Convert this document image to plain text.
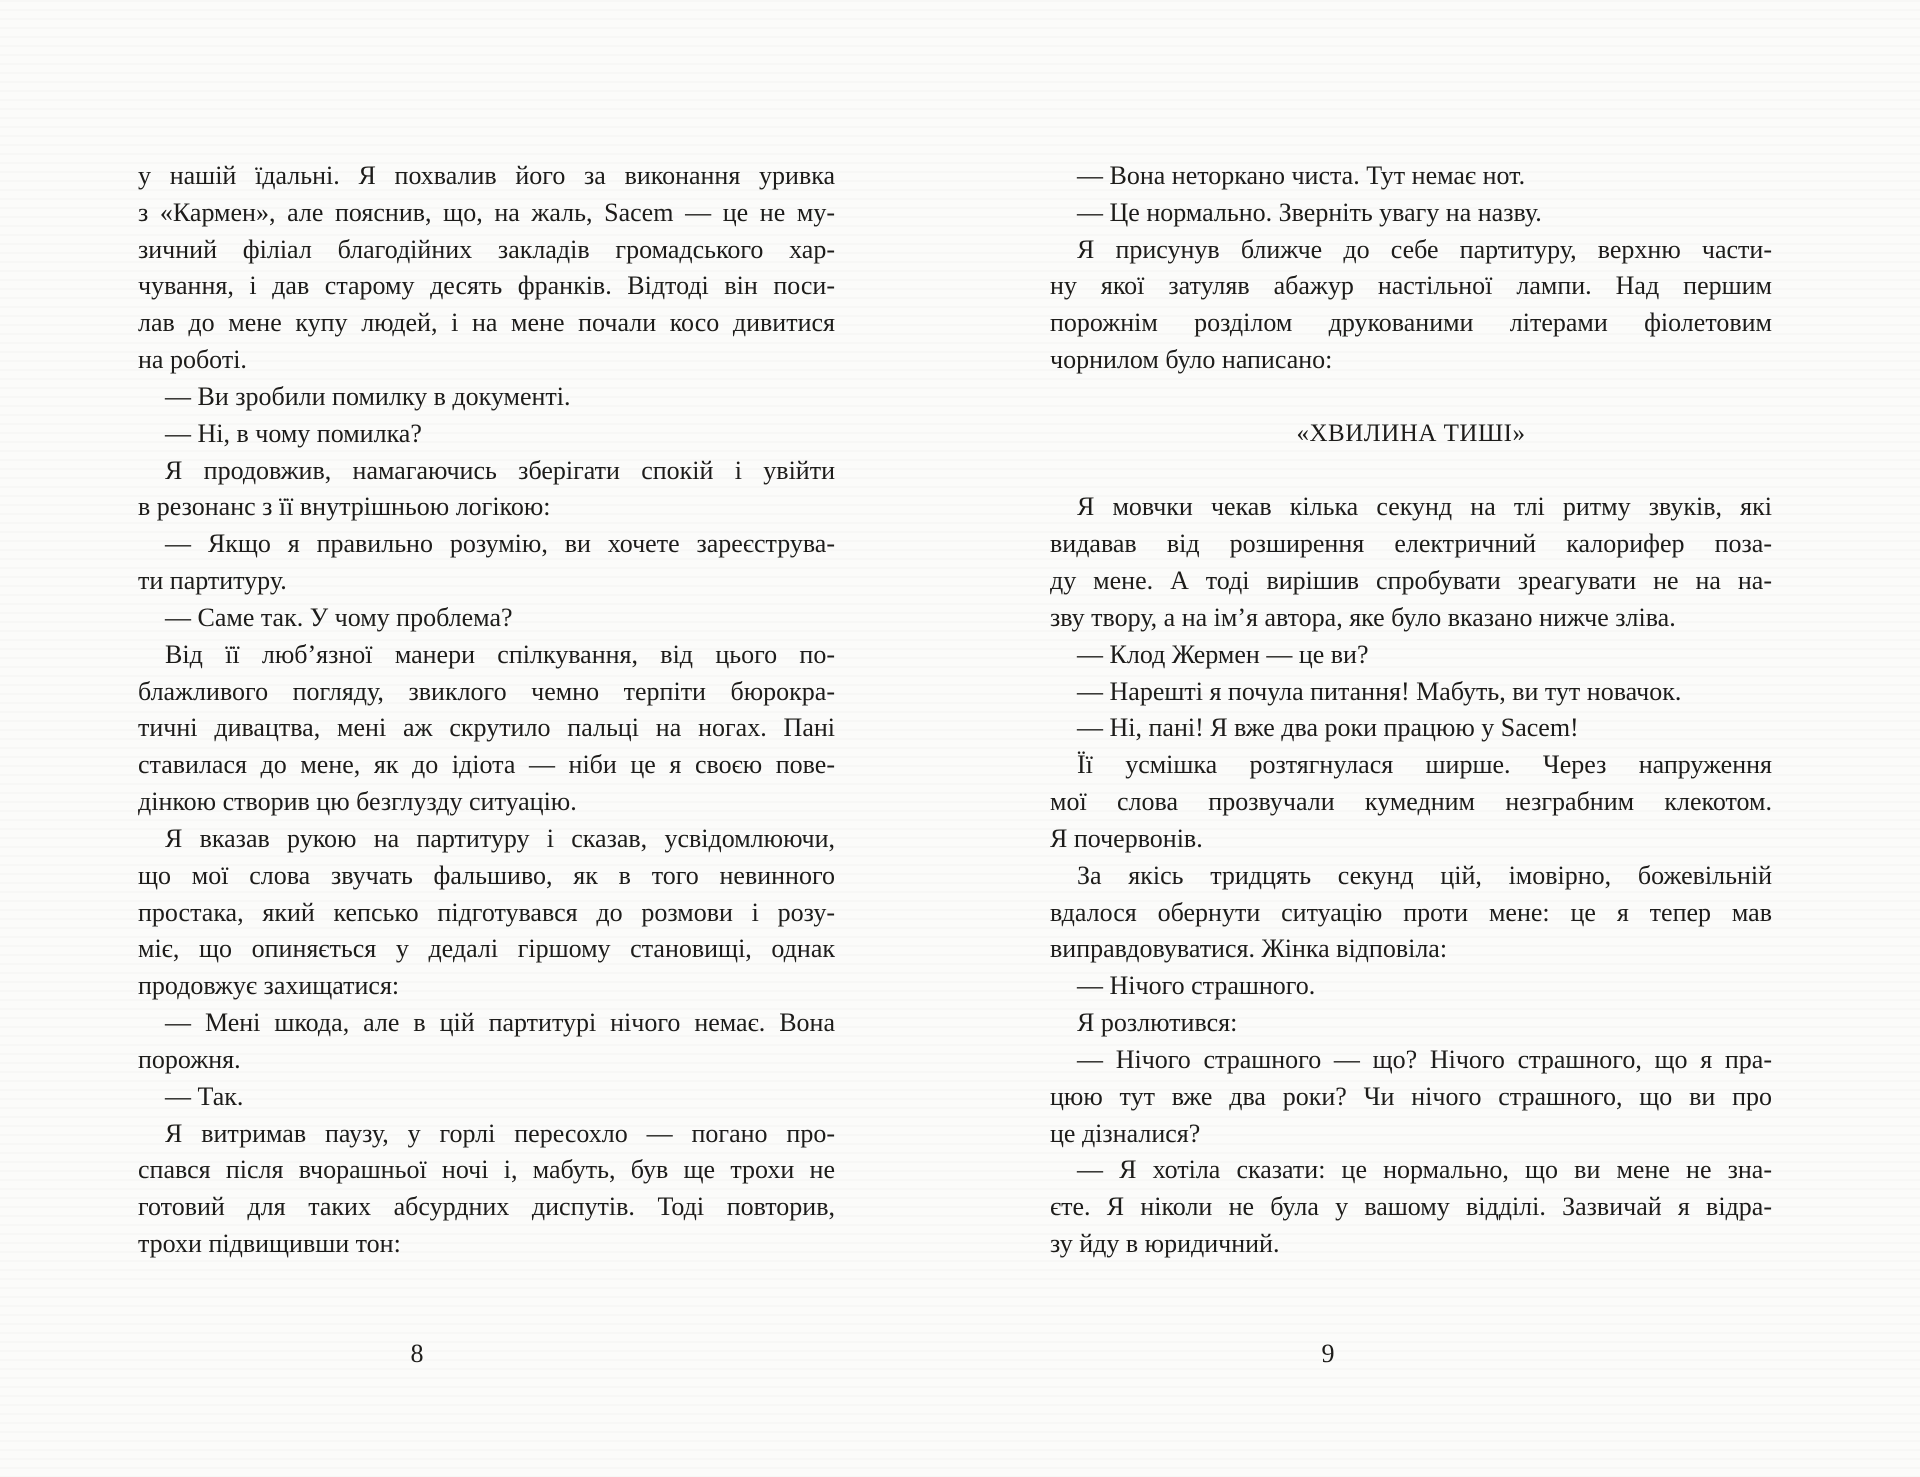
у нашій їдальні. Я похвалив його за виконання уривка
з «Кармен», але пояснив, що, на жаль, Sacem — це не му-
зичний філіал благодійних закладів громадського хар-
чування, і дав старому десять франків. Відтоді він поси-
лав до мене купу людей, і на мене почали косо дивитися
на роботі.
— Ви зробили помилку в документі.
— Ні, в чому помилка?
Я продовжив, намагаючись зберігати спокій і увійти
в резонанс з її внутрішньою логікою:
— Якщо я правильно розумію, ви хочете зареєструва-
ти партитуру.
— Саме так. У чому проблема?
Від її люб’язної манери спілкування, від цього по-
блажливого погляду, звиклого чемно терпіти бюрокра-
тичні дивацтва, мені аж скрутило пальці на ногах. Пані
ставилася до мене, як до ідіота — ніби це я своєю пове-
дінкою створив цю безглузду ситуацію.
Я вказав рукою на партитуру і сказав, усвідомлюючи,
що мої слова звучать фальшиво, як в того невинного
простака, який кепсько підготувався до розмови і розу-
міє, що опиняється у дедалі гіршому становищі, однак
продовжує захищатися:
— Мені шкода, але в цій партитурі нічого немає. Вона
порожня.
— Так.
Я витримав паузу, у горлі пересохло — погано про-
спався після вчорашньої ночі і, мабуть, був ще трохи не
готовий для таких абсурдних диспутів. Тоді повторив,
трохи підвищивши тон:
— Вона неторкано чиста. Тут немає нот.
— Це нормально. Зверніть увагу на назву.
Я присунув ближче до себе партитуру, верхню части-
ну якої затуляв абажур настільної лампи. Над першим
порожнім розділом друкованими літерами фіолетовим
чорнилом було написано:

«ХВИЛИНА ТИШІ»

Я мовчки чекав кілька секунд на тлі ритму звуків, які
видавав від розширення електричний калорифер поза-
ду мене. А тоді вирішив спробувати зреагувати не на на-
зву твору, а на ім’я автора, яке було вказано нижче зліва.
— Клод Жермен — це ви?
— Нарешті я почула питання! Мабуть, ви тут новачок.
— Ні, пані! Я вже два роки працюю у Sacem!
Її усмішка розтягнулася ширше. Через напруження
мої слова прозвучали кумедним незграбним клекотом.
Я почервонів.
За якісь тридцять секунд цій, імовірно, божевільній
вдалося обернути ситуацію проти мене: це я тепер мав
виправдовуватися. Жінка відповіла:
— Нічого страшного.
Я розлютився:
— Нічого страшного — що? Нічого страшного, що я пра-
цюю тут вже два роки? Чи нічого страшного, що ви про
це дізналися?
— Я хотіла сказати: це нормально, що ви мене не зна-
єте. Я ніколи не була у вашому відділі. Зазвичай я відра-
зу йду в юридичний.
8	9
